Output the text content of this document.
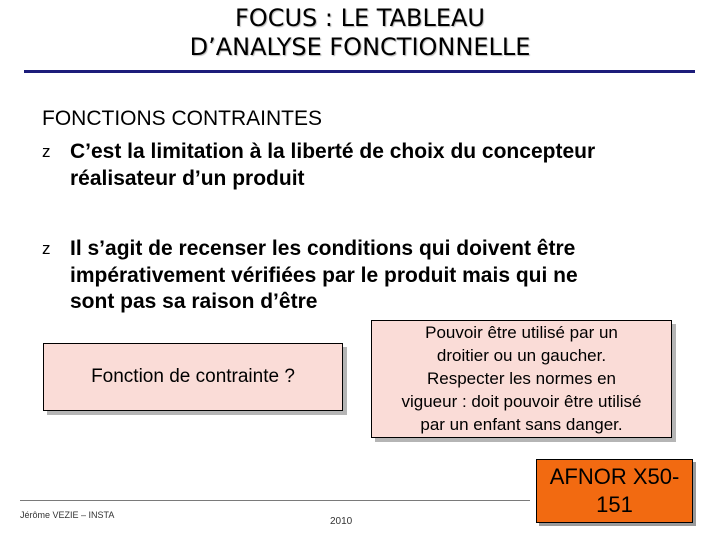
FOCUS : LE TABLEAU
D’ANALYSE FONCTIONNELLE
FONCTIONS CONTRAINTES
z C’est la limitation à la liberté de choix du concepteur
réalisateur d’un produit
z Il s’agit de recenser les conditions qui doivent être
impérativement vérifiées par le produit mais qui ne
sont pas sa raison d’être
Fonction de contrainte ?
Pouvoir être utilisé par un
droitier ou un gaucher.
Respecter les normes en
vigueur : doit pouvoir être utilisé
par un enfant sans danger.
Jérôme VEZIE – INSTA
2010
AFNOR X50-
151
